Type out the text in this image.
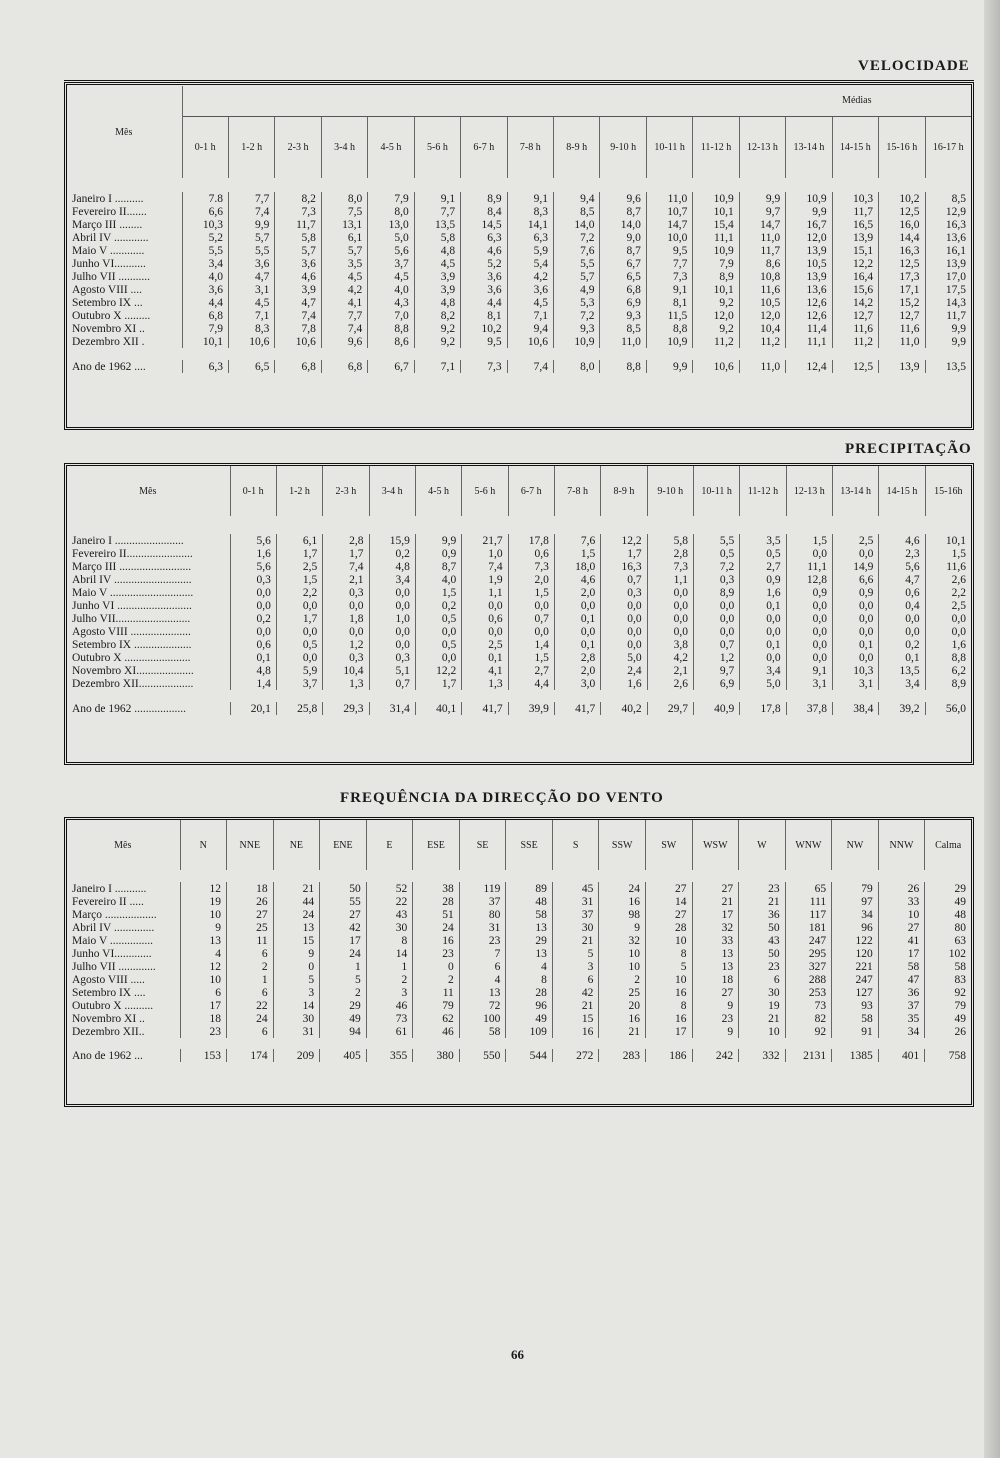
VELOCIDADE
Mês	Médias																
	0-1 h	1-2 h	2-3 h	3-4 h	4-5 h	5-6 h	6-7 h	7-8 h	8-9 h	9-10 h	10-11 h	11-12 h	12-13 h	13-14 h	14-15 h	15-16 h	16-17 h

Janeiro I ..........	7.8	7,7	8,2	8,0	7,9	9,1	8,9	9,1	9,4	9,6	11,0	10,9	9,9	10,9	10,3	10,2	8,5
Fevereiro II.......	6,6	7,4	7,3	7,5	8,0	7,7	8,4	8,3	8,5	8,7	10,7	10,1	9,7	9,9	11,7	12,5	12,9
Março III ........	10,3	9,9	11,7	13,1	13,0	13,5	14,5	14,1	14,0	14,0	14,7	15,4	14,7	16,7	16,5	16,0	16,3
Abril IV ............	5,2	5,7	5,8	6,1	5,0	5,8	6,3	6,3	7,2	9,0	10,0	11,1	11,0	12,0	13,9	14,4	13,6
Maio V ............	5,5	5,5	5,7	5,7	5,6	4,8	4,6	5,9	7,6	8,7	9,5	10,9	11,7	13,9	15,1	16,3	16,1
Junho VI...........	3,4	3,6	3,6	3,5	3,7	4,5	5,2	5,4	5,5	6,7	7,7	7,9	8,6	10,5	12,2	12,5	13,9
Julho VII ...........	4,0	4,7	4,6	4,5	4,5	3,9	3,6	4,2	5,7	6,5	7,3	8,9	10,8	13,9	16,4	17,3	17,0
Agosto VIII ....	3,6	3,1	3,9	4,2	4,0	3,9	3,6	3,6	4,9	6,8	9,1	10,1	11,6	13,6	15,6	17,1	17,5
Setembro IX ...	4,4	4,5	4,7	4,1	4,3	4,8	4,4	4,5	5,3	6,9	8,1	9,2	10,5	12,6	14,2	15,2	14,3
Outubro X .........	6,8	7,1	7,4	7,7	7,0	8,2	8,1	7,1	7,2	9,3	11,5	12,0	12,0	12,6	12,7	12,7	11,7
Novembro XI ..	7,9	8,3	7,8	7,4	8,8	9,2	10,2	9,4	9,3	8,5	8,8	9,2	10,4	11,4	11,6	11,6	9,9
Dezembro XII .	10,1	10,6	10,6	9,6	8,6	9,2	9,5	10,6	10,9	11,0	10,9	11,2	11,2	11,1	11,2	11,0	9,9

Ano de 1962 ....	6,3	6,5	6,8	6,8	6,7	7,1	7,3	7,4	8,0	8,8	9,9	10,6	11,0	12,4	12,5	13,9	13,5
PRECIPITAÇÃO
Mês	0-1 h	1-2 h	2-3 h	3-4 h	4-5 h	5-6 h	6-7 h	7-8 h	8-9 h	9-10 h	10-11 h	11-12 h	12-13 h	13-14 h	14-15 h	15-16h

Janeiro I ........................	5,6	6,1	2,8	15,9	9,9	21,7	17,8	7,6	12,2	5,8	5,5	3,5	1,5	2,5	4,6	10,1
Fevereiro II.......................	1,6	1,7	1,7	0,2	0,9	1,0	0,6	1,5	1,7	2,8	0,5	0,5	0,0	0,0	2,3	1,5
Março III .........................	5,6	2,5	7,4	4,8	8,7	7,4	7,3	18,0	16,3	7,3	7,2	2,7	11,1	14,9	5,6	11,6
Abril IV ...........................	0,3	1,5	2,1	3,4	4,0	1,9	2,0	4,6	0,7	1,1	0,3	0,9	12,8	6,6	4,7	2,6
Maio V .............................	0,0	2,2	0,3	0,0	1,5	1,1	1,5	2,0	0,3	0,0	8,9	1,6	0,9	0,9	0,6	2,2
Junho VI ..........................	0,0	0,0	0,0	0,0	0,2	0,0	0,0	0,0	0,0	0,0	0,0	0,1	0,0	0,0	0,4	2,5
Julho VII..........................	0,2	1,7	1,8	1,0	0,5	0,6	0,7	0,1	0,0	0,0	0,0	0,0	0,0	0,0	0,0	0,0
Agosto VIII .....................	0,0	0,0	0,0	0,0	0,0	0,0	0,0	0,0	0,0	0,0	0,0	0,0	0,0	0,0	0,0	0,0
Setembro IX ....................	0,6	0,5	1,2	0,0	0,5	2,5	1,4	0,1	0,0	3,8	0,7	0,1	0,0	0,1	0,2	1,6
Outubro X .......................	0,1	0,0	0,3	0,3	0,0	0,1	1,5	2,8	5,0	4,2	1,2	0,0	0,0	0,0	0,1	8,8
Novembro XI....................	4,8	5,9	10,4	5,1	12,2	4,1	2,7	2,0	2,4	2,1	9,7	3,4	9,1	10,3	13,5	6,2
Dezembro XII...................	1,4	3,7	1,3	0,7	1,7	1,3	4,4	3,0	1,6	2,6	6,9	5,0	3,1	3,1	3,4	8,9

Ano de 1962 ..................	20,1	25,8	29,3	31,4	40,1	41,7	39,9	41,7	40,2	29,7	40,9	17,8	37,8	38,4	39,2	56,0
FREQUÊNCIA DA DIRECÇÃO DO VENTO
Mês	N	NNE	NE	ENE	E	ESE	SE	SSE	S	SSW	SW	WSW	W	WNW	NW	NNW	Calma

Janeiro I ...........	12	18	21	50	52	38	119	89	45	24	27	27	23	65	79	26	29
Fevereiro II .....	19	26	44	55	22	28	37	48	31	16	14	21	21	111	97	33	49
Março ..................	10	27	24	27	43	51	80	58	37	98	27	17	36	117	34	10	48
Abril IV ..............	9	25	13	42	30	24	31	13	30	9	28	32	50	181	96	27	80
Maio V ...............	13	11	15	17	8	16	23	29	21	32	10	33	43	247	122	41	63
Junho VI.............	4	6	9	24	14	23	7	13	5	10	8	13	50	295	120	17	102
Julho VII .............	12	2	0	1	1	0	6	4	3	10	5	13	23	327	221	58	58
Agosto VIII .....	10	1	5	5	2	2	4	8	6	2	10	18	6	288	247	47	83
Setembro IX ....	6	6	3	2	3	11	13	28	42	25	16	27	30	253	127	36	92
Outubro X ..........	17	22	14	29	46	79	72	96	21	20	8	9	19	73	93	37	79
Novembro XI ..	18	24	30	49	73	62	100	49	15	16	16	23	21	82	58	35	49
Dezembro XII..	23	6	31	94	61	46	58	109	16	21	17	9	10	92	91	34	26

Ano de 1962 ...	153	174	209	405	355	380	550	544	272	283	186	242	332	2131	1385	401	758
66
